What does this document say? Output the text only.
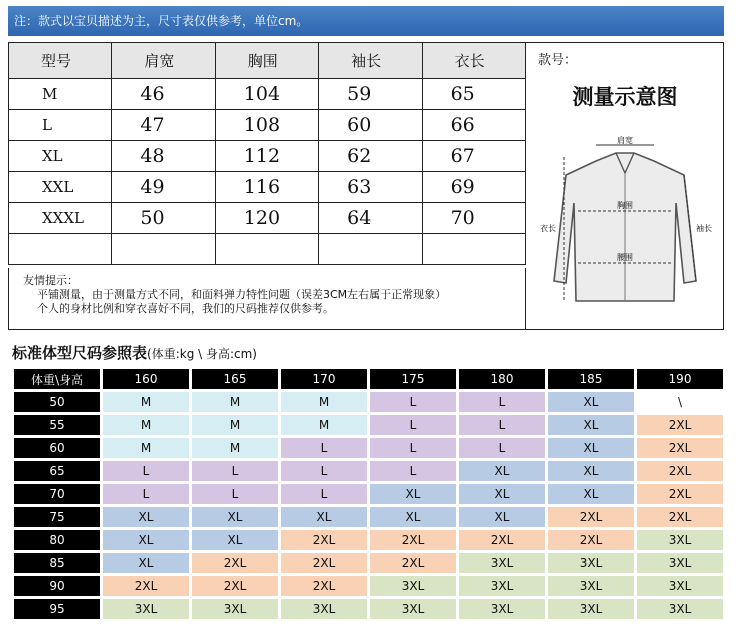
注：款式以宝贝描述为主，尺寸表仅供参考，单位cm。
型号	肩宽	胸围	袖长	衣长
M	46	104	59	65
L	47	108	60	66
XL	48	112	62	67
XXL	49	116	63	69
XXXL	50	120	64	70

友情提示：
平铺测量，由于测量方式不同，和面料弹力特性问题（误差3CM左右属于正常现象）
个人的身材比例和穿衣喜好不同，我们的尺码推荐仅供参考。
款号：
测量示意图
肩宽
胸围
腰围
衣长	袖长
标准体型尺码参照表(体重:kg \ 身高:cm)
体重\身高	160	165	170	175	180	185	190
50	M	M	M	L	L	XL	\
55	M	M	M	L	L	XL	2XL
60	M	M	L	L	L	XL	2XL
65	L	L	L	L	XL	XL	2XL
70	L	L	L	XL	XL	XL	2XL
75	XL	XL	XL	XL	XL	2XL	2XL
80	XL	XL	2XL	2XL	2XL	2XL	3XL
85	XL	2XL	2XL	2XL	3XL	3XL	3XL
90	2XL	2XL	2XL	3XL	3XL	3XL	3XL
95	3XL	3XL	3XL	3XL	3XL	3XL	3XL
